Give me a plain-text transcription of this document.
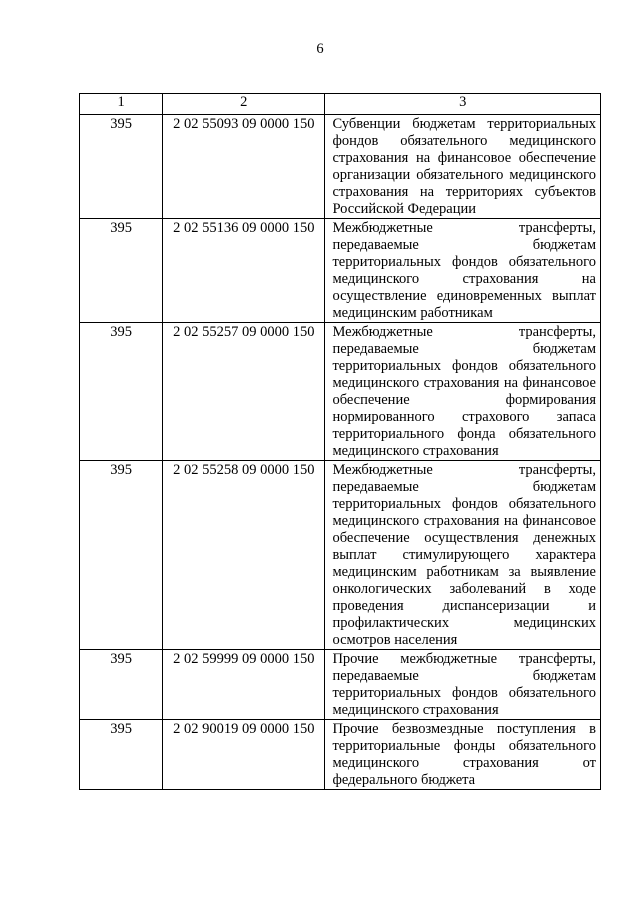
6
1	2	3
395	2 02 55093 09 0000 150	Субвенции бюджетам территориальных фондов обязательного медицинского страхования на финансовое обеспечение организации обязательного медицинского страхования на территориях субъектов Российской Федерации
395	2 02 55136 09 0000 150	Межбюджетные трансферты, передаваемые бюджетам территориальных фондов обязательного медицинского страхования на осуществление единовременных выплат медицинским работникам
395	2 02 55257 09 0000 150	Межбюджетные трансферты, передаваемые бюджетам территориальных фондов обязательного медицинского страхования на финансовое обеспечение формирования нормированного страхового запаса территориального фонда обязательного медицинского страхования
395	2 02 55258 09 0000 150	Межбюджетные трансферты, передаваемые бюджетам территориальных фондов обязательного медицинского страхования на финансовое обеспечение осуществления денежных выплат стимулирующего характера медицинским работникам за выявление онкологических заболеваний в ходе проведения диспансеризации и профилактических медицинских осмотров населения
395	2 02 59999 09 0000 150	Прочие межбюджетные трансферты, передаваемые бюджетам территориальных фондов обязательного медицинского страхования
395	2 02 90019 09 0000 150	Прочие безвозмездные поступления в территориальные фонды обязательного медицинского страхования от федерального бюджета
